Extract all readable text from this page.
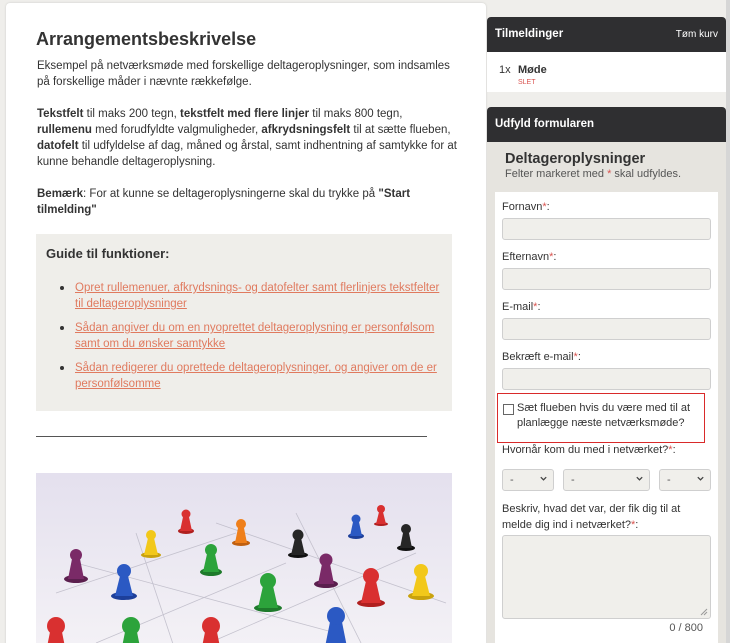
Arrangementsbeskrivelse
Eksempel på netværksmøde med forskellige deltageroplysninger, som indsamles på forskellige måder i nævnte rækkefølge.
Tekstfelt til maks 200 tegn, tekstfelt med flere linjer til maks 800 tegn, rullemenu med forudfyldte valgmuligheder, afkrydsningsfelt til at sætte flueben, datofelt til udfyldelse af dag, måned og årstal, samt indhentning af samtykke for at kunne behandle deltageroplysning.
Bemærk: For at kunne se deltageroplysningerne skal du trykke på "Start tilmelding"
Guide til funktioner:
Opret rullemenuer, afkrydsnings- og datofelter samt flerlinjers tekstfelter til deltageroplysninger
Sådan angiver du om en nyoprettet deltageroplysning er personfølsom samt om du ønsker samtykke
Sådan redigerer du oprettede deltageroplysninger, og angiver om de er personfølsomme
Tilmeldinger	Tøm kurv
1x Møde
SLET
Udfyld formularen
Deltageroplysninger
Felter markeret med * skal udfyldes.
Fornavn*:
Efternavn*:
E-mail*:
Bekræft e-mail*:
Sæt flueben hvis du være med til at planlægge næste netværksmøde?
Hvornår kom du med i netværket?*:
-	-	-
Beskriv, hvad det var, der fik dig til at melde dig ind i netværket?*:
0 / 800
